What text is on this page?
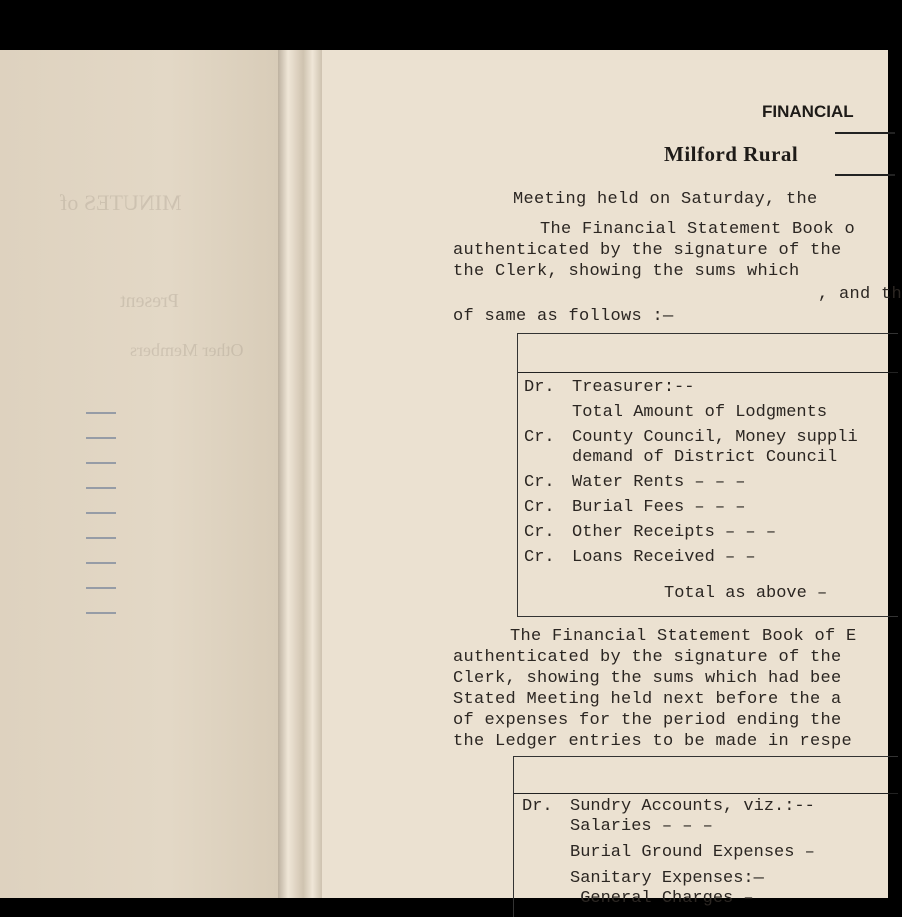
MINUTES of
Present
Other Members
FINANCIAL
Milford Rural
Meeting held on Saturday, the
The Financial Statement Book o
authenticated by the signature of the
the Clerk, showing the sums which
, and th
of same as follows :—
Dr. Treasurer:--
Total Amount of Lodgments
Cr. County Council, Money suppli
demand of District Council
Cr. Water Rents – – –
Cr. Burial Fees – – –
Cr. Other Receipts – – –
Cr. Loans Received – –
Total as above –
The Financial Statement Book of E
authenticated by the signature of the
Clerk, showing the sums which had bee
Stated Meeting held next before the a
of expenses for the period ending the
the Ledger entries to be made in respe
Dr. Sundry Accounts, viz.:--
Salaries – – –
Burial Ground Expenses –
Sanitary Expenses:—
General Charges –
